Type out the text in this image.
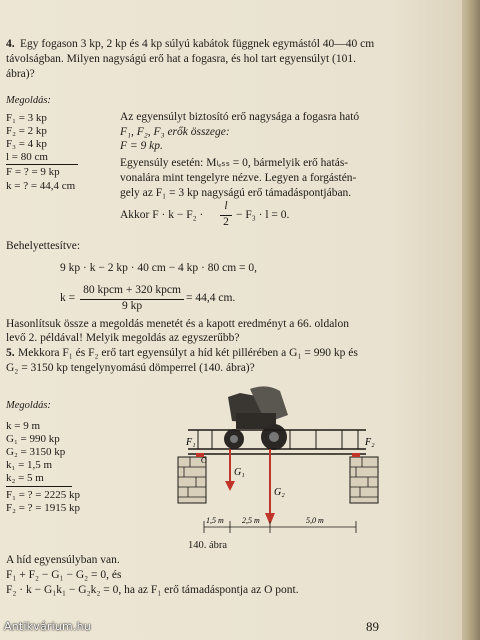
4. Egy fogason 3 kp, 2 kp és 4 kp súlyú kabátok függnek egymástól 40—40 cm
távolságban. Milyen nagyságú erő hat a fogasra, és hol tart egyensúlyt (101.
ábra)?
Megoldás:
F₁ = 3 kp
F₂ = 2 kp
F₃ = 4 kp
l = 80 cm
F = ? = 9 kp
k = ? = 44,4 cm
Az egyensúlyt biztosító erő nagysága a fogasra ható
F₁, F₂, F₃ erők összege:
F = 9 kp.
Egyensúly esetén: Mₗₑₛₛ = 0, bármelyik erő hatás-
vonalára mint tengelyre nézve. Legyen a forgástén-
gely az F₁ = 3 kp nagyságú erő támadáspontjában.
Akkor F · k − F₂ ·
l
2
− F₃ · l = 0.
Behelyettesítve:
9 kp · k − 2 kp · 40 cm − 4 kp · 80 cm = 0,
k =
80 kpcm + 320 kpcm
9 kp
= 44,4 cm.
Hasonlítsuk össze a megoldás menetét és a kapott eredményt a 66. oldalon
levő 2. példával! Melyik megoldás az egyszerűbb?
5. Mekkora F₁ és F₂ erő tart egyensúlyt a híd két pillérében a G₁ = 990 kp és
G₂ = 3150 kp tengelynyomású dömperrel (140. ábra)?
Megoldás:
k = 9 m
G₁ = 990 kp
G₂ = 3150 kp
k₁ = 1,5 m
k₂ = 5 m
F₁ = ? = 2225 kp
F₂ = ? = 1915 kp
F₁	F₂
O
G₁
G₂
1,5 m 2,5 m	5,0 m
140. ábra
A híd egyensúlyban van.
F₁ + F₂ − G₁ − G₂ = 0, és
F₂ · k − G₁k₁ − G₂k₂ = 0, ha az F₁ erő támadáspontja az O pont.
89
Antikvárium.hu
